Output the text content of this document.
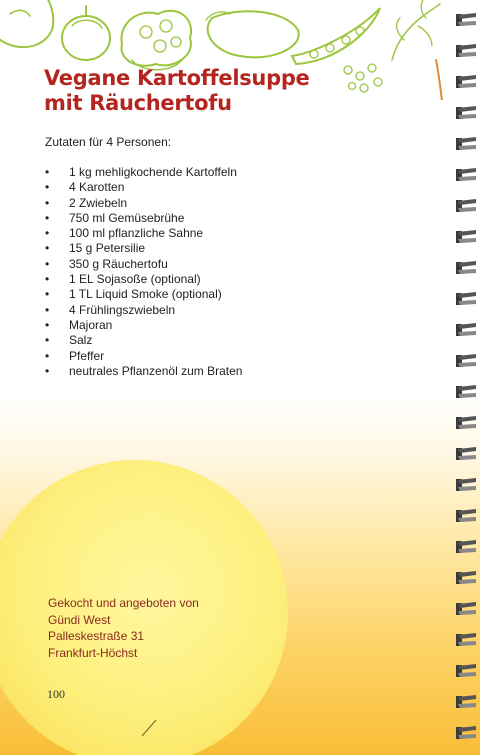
Vegane Kartoffelsuppe
mit Räuchertofu

Zutaten für 4 Personen:

• 1 kg mehligkochende Kartoffeln
• 4 Karotten
• 2 Zwiebeln
• 750 ml Gemüsebrühe
• 100 ml pflanzliche Sahne
• 15 g Petersilie
• 350 g Räuchertofu
• 1 EL Sojasoße (optional)
• 1 TL Liquid Smoke (optional)
• 4 Frühlingszwiebeln
• Majoran
• Salz
• Pfeffer
• neutrales Pflanzenöl zum Braten
Gekocht und angeboten von
Gündi West
Palleskestraße 31
Frankfurt-Höchst
100
